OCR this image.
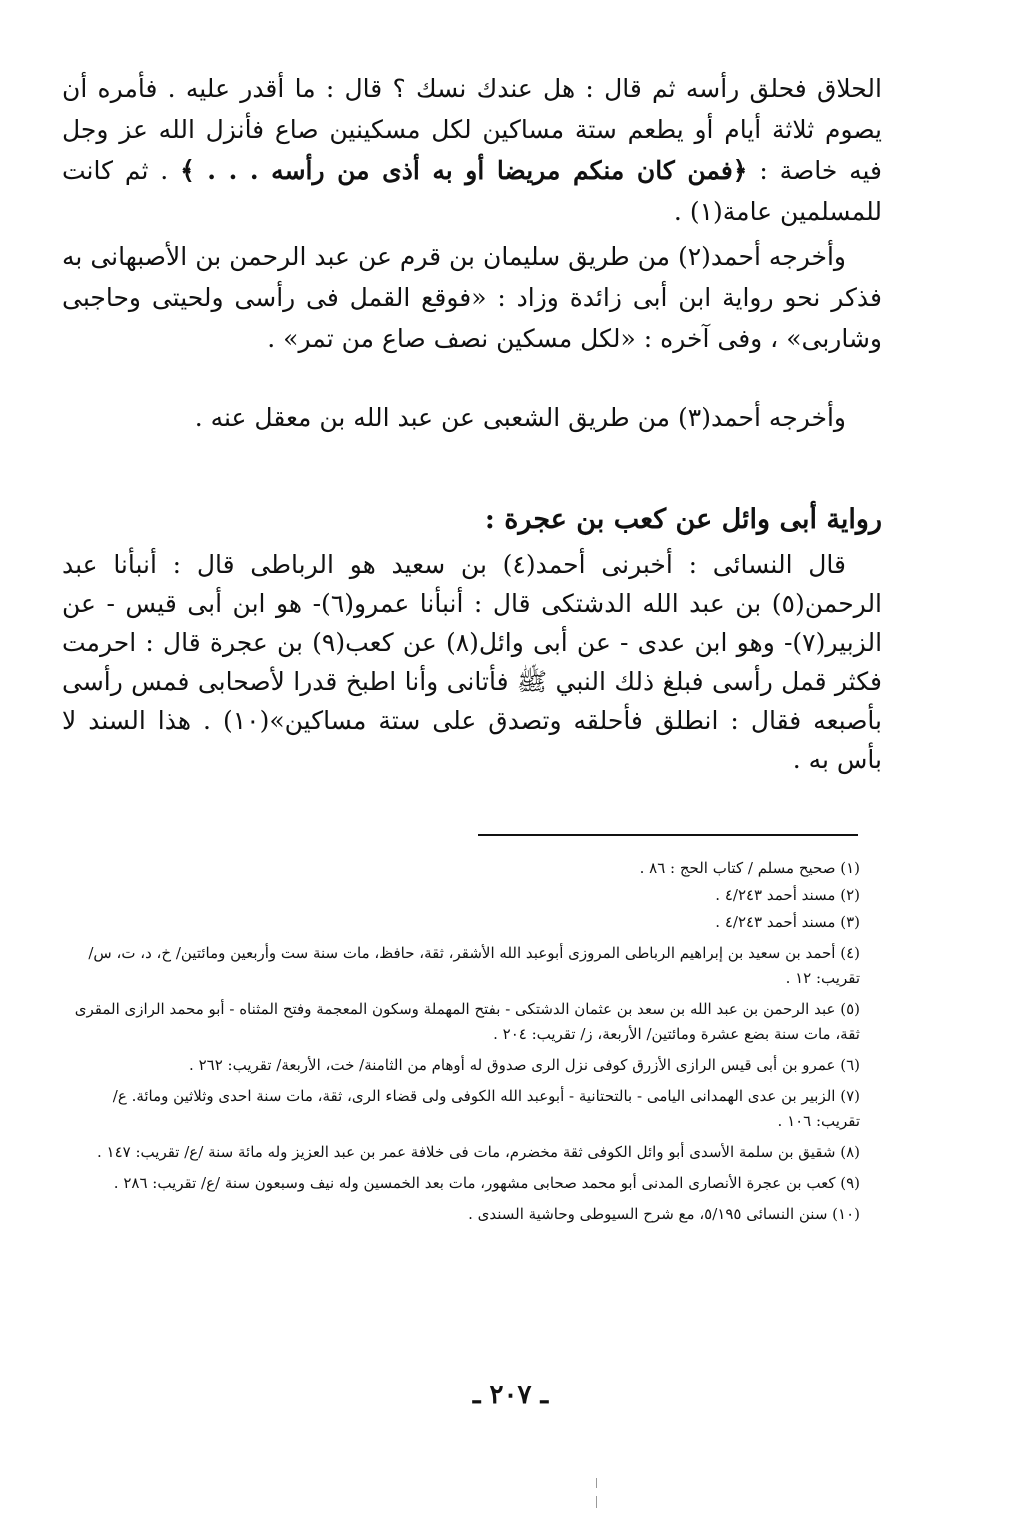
الحلاق فحلق رأسه ثم قال : هل عندك نسك ؟ قال : ما أقدر عليه . فأمره أن يصوم ثلاثة أيام أو يطعم ستة مساكين لكل مسكينين صاع فأنزل الله عز وجل فيه خاصة : ﴿فمن كان منكم مريضا أو به أذى من رأسه . . . ﴾ . ثم كانت للمسلمين عامة(١) .

وأخرجه أحمد(٢) من طريق سليمان بن قرم عن عبد الرحمن بن الأصبهانى به فذكر نحو رواية ابن أبى زائدة وزاد : «فوقع القمل فى رأسى ولحيتى وحاجبى وشاربى» ، وفى آخره : «لكل مسكين نصف صاع من تمر» .

وأخرجه أحمد(٣) من طريق الشعبى عن عبد الله بن معقل عنه .

رواية أبى وائل عن كعب بن عجرة :

قال النسائى : أخبرنى أحمد(٤) بن سعيد هو الرباطى قال : أنبأنا عبد الرحمن(٥) بن عبد الله الدشتكى قال : أنبأنا عمرو(٦)- هو ابن أبى قيس - عن الزبير(٧)- وهو ابن عدى - عن أبى وائل(٨) عن كعب(٩) بن عجرة قال : احرمت فكثر قمل رأسى فبلغ ذلك النبي ﷺ فأتانى وأنا اطبخ قدرا لأصحابى فمس رأسى بأصبعه فقال : انطلق فأحلقه وتصدق على ستة مساكين»(١٠) . هذا السند لا بأس به .

(١) صحيح مسلم / كتاب الحج : ٨٦ .

(٢) مسند أحمد ٤/٢٤٣ .

(٣) مسند أحمد ٤/٢٤٣ .

(٤) أحمد بن سعيد بن إبراهيم الرباطى المروزى أبوعبد الله الأشقر، ثقة، حافظ، مات سنة ست وأربعين ومائتين/ خ، د، ت، س/ تقريب: ١٢ .

(٥) عبد الرحمن بن عبد الله بن سعد بن عثمان الدشتكى - بفتح المهملة وسكون المعجمة وفتح المثناه - أبو محمد الرازى المقرى ثقة، مات سنة بضع عشرة ومائتين/ الأربعة، ز/ تقريب: ٢٠٤ .

(٦) عمرو بن أبى قيس الرازى الأزرق كوفى نزل الرى صدوق له أوهام من الثامنة/ خت، الأربعة/ تقريب: ٢٦٢ .

(٧) الزبير بن عدى الهمدانى اليامى - بالتحتانية - أبوعبد الله الكوفى ولى قضاء الرى، ثقة، مات سنة احدى وثلاثين ومائة. ع/ تقريب: ١٠٦ .

(٨) شقيق بن سلمة الأسدى أبو وائل الكوفى ثقة مخضرم، مات فى خلافة عمر بن عبد العزيز وله مائة سنة /ع/ تقريب: ١٤٧ .

(٩) كعب بن عجرة الأنصارى المدنى أبو محمد صحابى مشهور، مات بعد الخمسين وله نيف وسبعون سنة /ع/ تقريب: ٢٨٦ .

(١٠) سنن النسائى ٥/١٩٥، مع شرح السيوطى وحاشية السندى .

ـ ٢٠٧ ـ
